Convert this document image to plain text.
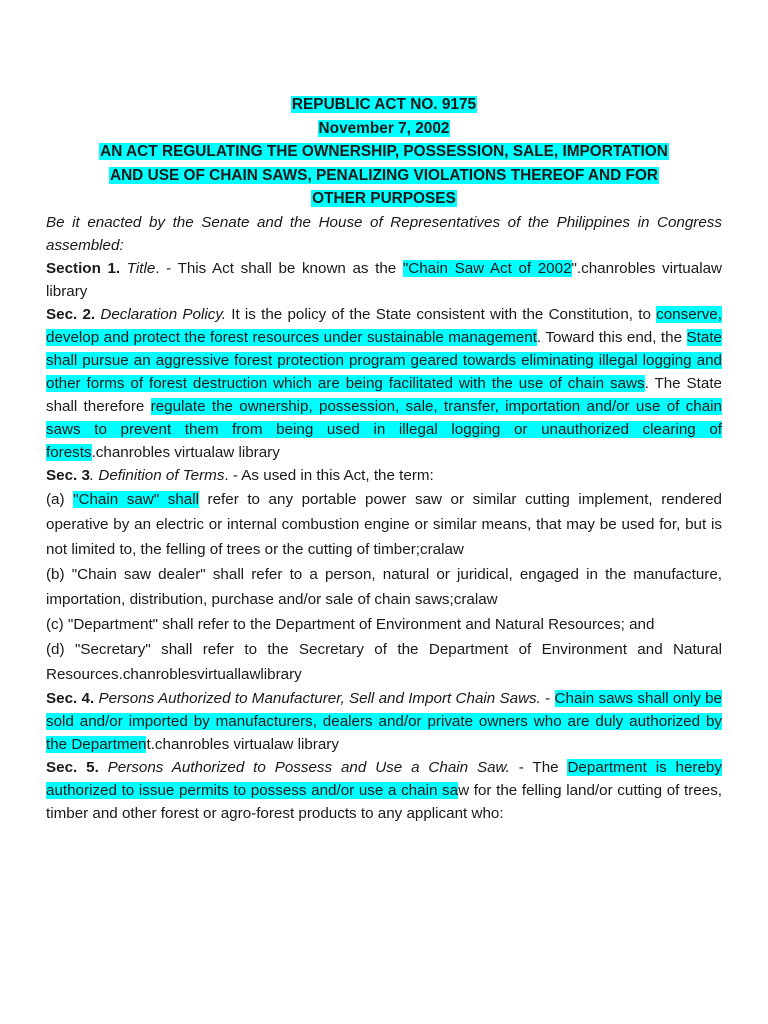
REPUBLIC ACT NO. 9175

November 7, 2002

AN ACT REGULATING THE OWNERSHIP, POSSESSION, SALE, IMPORTATION

AND USE OF CHAIN SAWS, PENALIZING VIOLATIONS THEREOF AND FOR

OTHER PURPOSES

Be it enacted by the Senate and the House of Representatives of the Philippines in Congress assembled:

Section 1. Title. - This Act shall be known as the "Chain Saw Act of 2002".chanrobles virtualaw library

Sec. 2. Declaration Policy. It is the policy of the State consistent with the Constitution, to conserve, develop and protect the forest resources under sustainable management. Toward this end, the State shall pursue an aggressive forest protection program geared towards eliminating illegal logging and other forms of forest destruction which are being facilitated with the use of chain saws. The State shall therefore regulate the ownership, possession, sale, transfer, importation and/or use of chain saws to prevent them from being used in illegal logging or unauthorized clearing of forests.chanrobles virtualaw library

Sec. 3. Definition of Terms. - As used in this Act, the term:

(a) "Chain saw" shall refer to any portable power saw or similar cutting implement, rendered operative by an electric or internal combustion engine or similar means, that may be used for, but is not limited to, the felling of trees or the cutting of timber;cralaw

(b) "Chain saw dealer" shall refer to a person, natural or juridical, engaged in the manufacture, importation, distribution, purchase and/or sale of chain saws;cralaw

(c) "Department" shall refer to the Department of Environment and Natural Resources; and

(d) "Secretary" shall refer to the Secretary of the Department of Environment and Natural Resources.chanroblesvirtuallawlibrary

Sec. 4. Persons Authorized to Manufacturer, Sell and Import Chain Saws. - Chain saws shall only be sold and/or imported by manufacturers, dealers and/or private owners who are duly authorized by the Department.chanrobles virtualaw library

Sec. 5. Persons Authorized to Possess and Use a Chain Saw. - The Department is hereby authorized to issue permits to possess and/or use a chain saw for the felling land/or cutting of trees, timber and other forest or agro-forest products to any applicant who:
